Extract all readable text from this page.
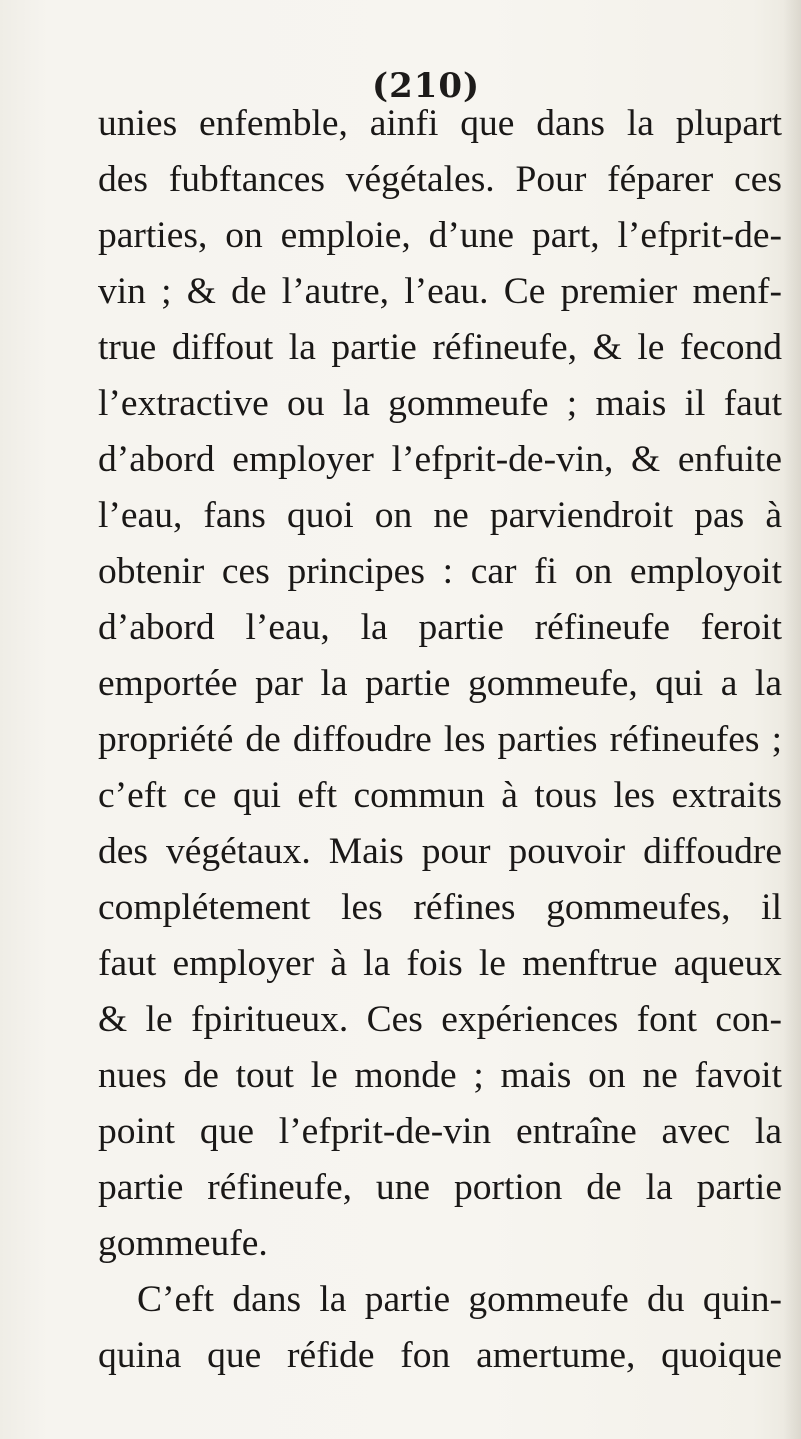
(210)
unies enfemble, ainfi que dans la plupart
des fubftances végétales. Pour féparer ces
parties, on emploie, d’une part, l’efprit-de-
vin ; & de l’autre, l’eau. Ce premier menf-
true diffout la partie réfineufe, & le fecond
l’extractive ou la gommeufe ; mais il faut
d’abord employer l’efprit-de-vin, & enfuite
l’eau, fans quoi on ne parviendroit pas à
obtenir ces principes : car fi on employoit
d’abord l’eau, la partie réfineufe feroit
emportée par la partie gommeufe, qui a la
propriété de diffoudre les parties réfineufes ;
c’eft ce qui eft commun à tous les extraits
des végétaux. Mais pour pouvoir diffoudre
complétement les réfines gommeufes, il
faut employer à la fois le menftrue aqueux
& le fpiritueux. Ces expériences font con-
nues de tout le monde ; mais on ne favoit
point que l’efprit-de-vin entraîne avec la
partie réfineufe, une portion de la partie
gommeufe.
C’eft dans la partie gommeufe du quin-
quina que réfide fon amertume, quoique
